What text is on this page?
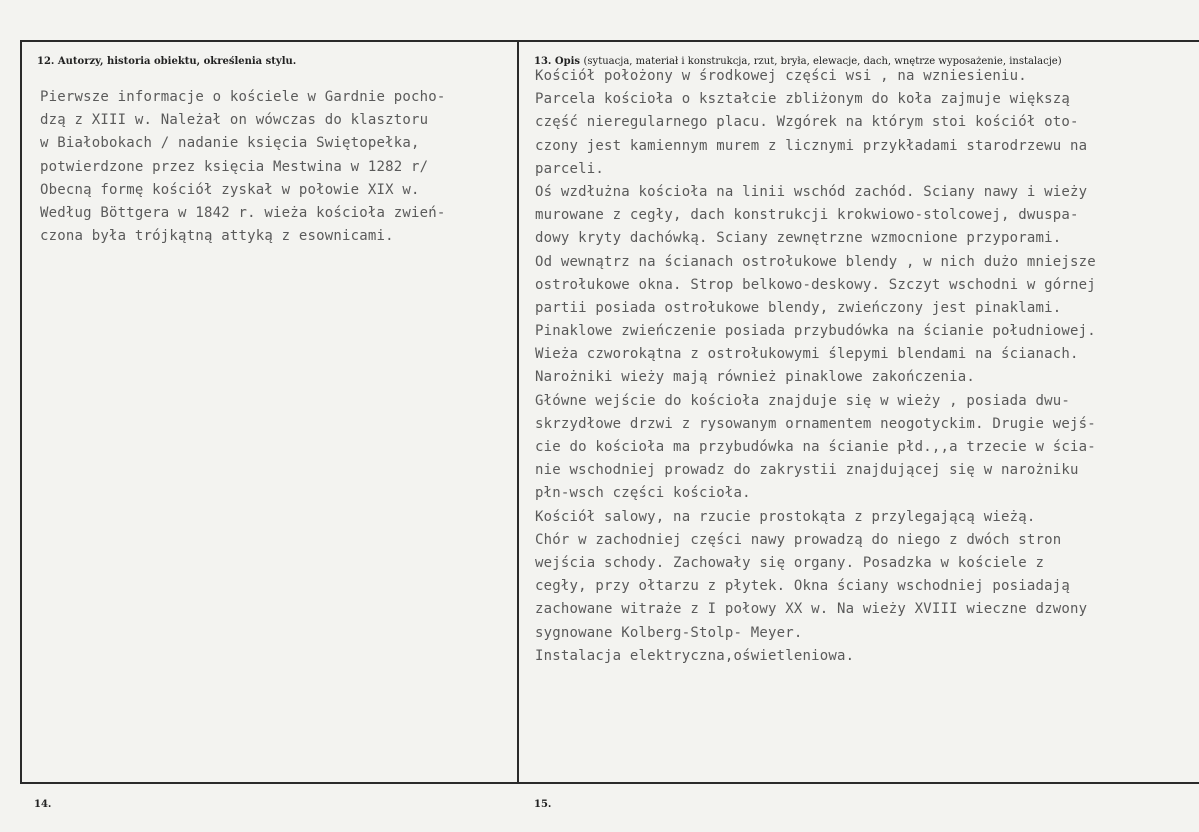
12. Autorzy, historia obiektu, określenia stylu.	13. Opis (sytuacja, materiał i konstrukcja, rzut, bryła, elewacje, dach, wnętrze wyposażenie, instalacje)
Pierwsze informacje o kościele w Gardnie pocho-
dzą z XIII w. Należał on wówczas do klasztoru
w Białobokach / nadanie księcia Swiętopełka,
potwierdzone przez księcia Mestwina w 1282 r/
Obecną formę kościół zyskał w połowie XIX w.
Według Böttgera w 1842 r. wieża kościoła zwień-
czona była trójkątną attyką z esownicami.
Kościół położony w środkowej części wsi , na wzniesieniu.
Parcela kościoła o kształcie zbliżonym do koła zajmuje większą
część nieregularnego placu. Wzgórek na którym stoi kościół oto-
czony jest kamiennym murem z licznymi przykładami starodrzewu na
parceli.
Oś wzdłużna kościoła na linii wschód zachód. Sciany nawy i wieży
murowane z cegły, dach konstrukcji krokwiowo-stolcowej, dwuspa-
dowy kryty dachówką. Sciany zewnętrzne wzmocnione przyporami.
Od wewnątrz na ścianach ostrołukowe blendy , w nich dużo mniejsze
ostrołukowe okna. Strop belkowo-deskowy. Szczyt wschodni w górnej
partii posiada ostrołukowe blendy, zwieńczony jest pinaklami.
Pinaklowe zwieńczenie posiada przybudówka na ścianie południowej.
Wieża czworokątna z ostrołukowymi ślepymi blendami na ścianach.
Narożniki wieży mają również pinaklowe zakończenia.
Główne wejście do kościoła znajduje się w wieży , posiada dwu-
skrzydłowe drzwi z rysowanym ornamentem neogotyckim. Drugie wejś-
cie do kościoła ma przybudówka na ścianie płd.,,a trzecie w ścia-
nie wschodniej prowadz do zakrystii znajdującej się w narożniku
płn-wsch części kościoła.
Kościół salowy, na rzucie prostokąta z przylegającą wieżą.
Chór w zachodniej części nawy prowadzą do niego z dwóch stron
wejścia schody. Zachowały się organy. Posadzka w kościele z
cegły, przy ołtarzu z płytek. Okna ściany wschodniej posiadają
zachowane witraże z I połowy XX w. Na wieży XVIII wieczne dzwony
sygnowane Kolberg-Stolp- Meyer.
Instalacja elektryczna,oświetleniowa.
14.	15.
